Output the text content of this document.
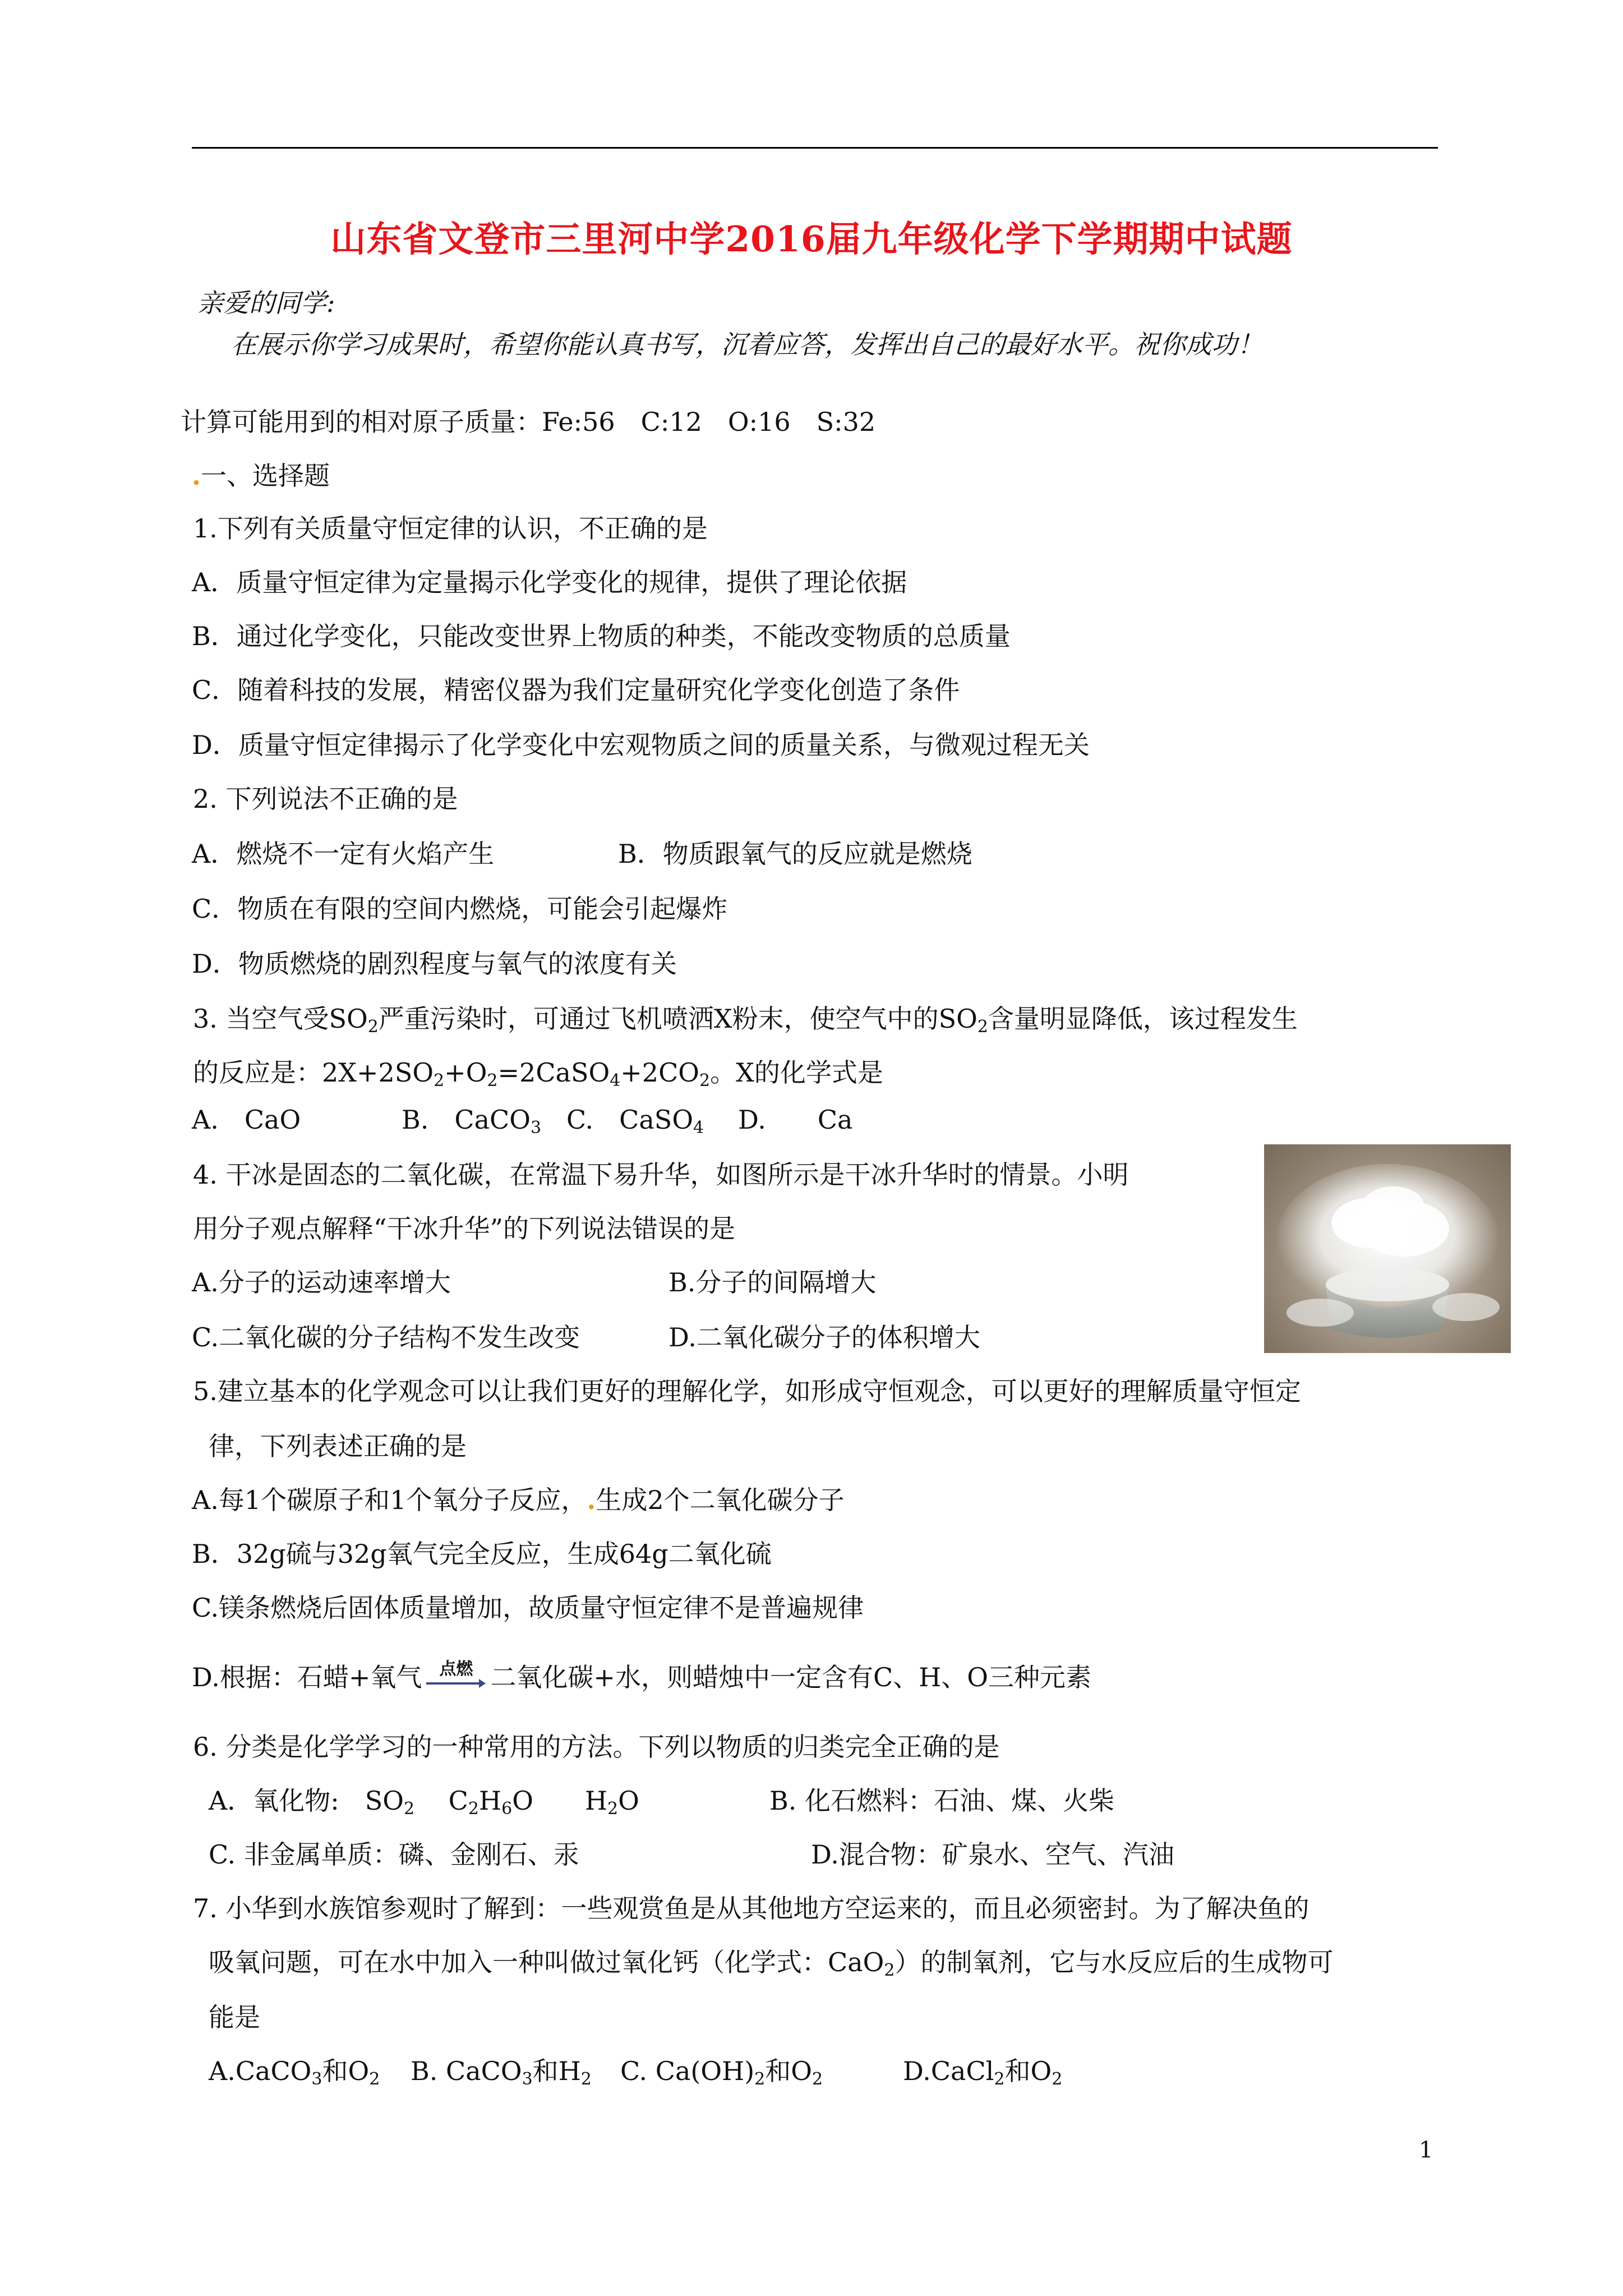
山东省文登市三里河中学2016届九年级化学下学期期中试题
亲爱的同学:
在展示你学习成果时，希望你能认真书写，沉着应答，发挥出自己的最好水平。祝你成功！
计算可能用到的相对原子质量：Fe:56　C:12　O:16　S:32
.一、选择题
1.下列有关质量守恒定律的认识，不正确的是
A．质量守恒定律为定量揭示化学变化的规律，提供了理论依据
B．通过化学变化，只能改变世界上物质的种类，不能改变物质的总质量
C．随着科技的发展，精密仪器为我们定量研究化学变化创造了条件
D．质量守恒定律揭示了化学变化中宏观物质之间的质量关系，与微观过程无关
2. 下列说法不正确的是
A．燃烧不一定有火焰产生	B．物质跟氧气的反应就是燃烧
C．物质在有限的空间内燃烧，可能会引起爆炸
D．物质燃烧的剧烈程度与氧气的浓度有关
3. 当空气受$SO_2$严重污染时，可通过飞机喷洒X粉末，使空气中的$SO_2$含量明显降低，该过程发生
的反应是：$2X+2SO_2+O_2=2CaSO_4+2CO_2$。X的化学式是
A.　CaO	B.　CaCO$_3$ C.　CaSO$_4$ D.　　Ca
4. 干冰是固态的二氧化碳，在常温下易升华，如图所示是干冰升华时的情景。小明
用分子观点解释“干冰升华”的下列说法错误的是
A.分子的运动速率增大	B.分子的间隔增大
C.二氧化碳的分子结构不发生改变	D.二氧化碳分子的体积增大
5.建立基本的化学观念可以让我们更好的理解化学，如形成守恒观念，可以更好的理解质量守恒定
律，下列表述正确的是
A.每1个碳原子和1个氧分子反应，.生成2个二氧化碳分子
B．32g硫与32g氧气完全反应，生成64g二氧化硫
C.镁条燃烧后固体质量增加，故质量守恒定律不是普遍规律
D.根据：石蜡+氧气	点燃 二氧化碳+水，则蜡烛中一定含有C、H、O三种元素
6. 分类是化学学习的一种常用的方法。下列以物质的归类完全正确的是
A．氧化物:　$SO_2$　 $C_2H_6O$　　$H_2O$	B. 化石燃料：石油、煤、火柴
C. 非金属单质：磷、金刚石、汞	D.混合物：矿泉水、空气、汽油
7. 小华到水族馆参观时了解到：一些观赏鱼是从其他地方空运来的，而且必须密封。为了解决鱼的
吸氧问题，可在水中加入一种叫做过氧化钙（化学式：CaO$_2$）的制氧剂，它与水反应后的生成物可
能是
A.CaCO$_3$和$O_2$ B. CaCO$_3$和$H_2$ C. $Ca(OH)_2$和$O_2$	D.CaCl$_2$和$O_2$
1
